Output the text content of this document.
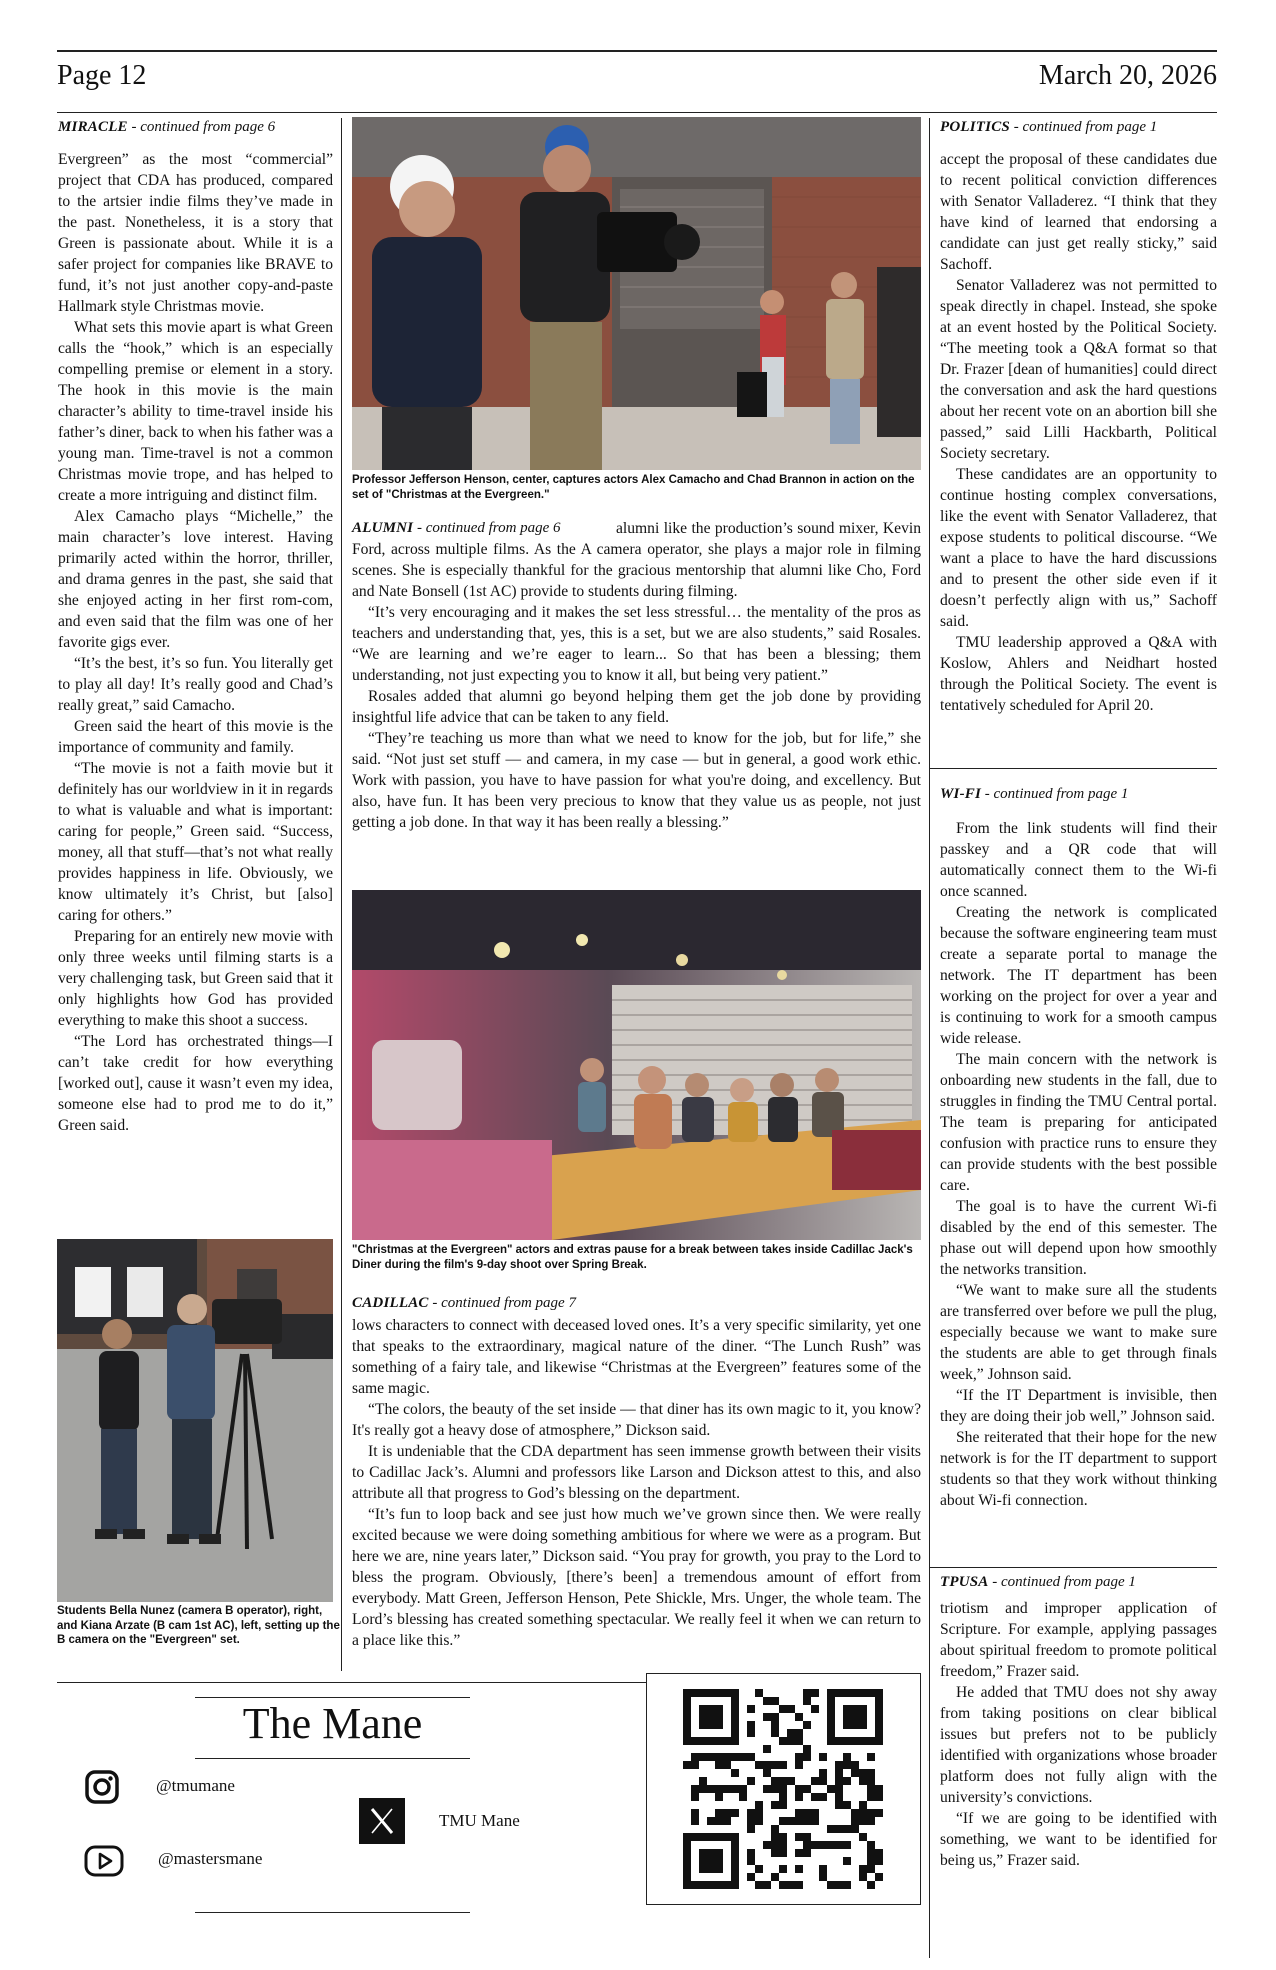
Page 12	March 20, 2026
MIRACLE - continued from page 6

Evergreen” as the most “commercial” project that CDA has produced, compared to the artsier indie films they’ve made in the past. Nonetheless, it is a story that Green is passionate about. While it is a safer project for companies like BRAVE to fund, it’s not just another copy-and-paste Hallmark style Christmas movie.

What sets this movie apart is what Green calls the “hook,” which is an especially compelling premise or element in a story. The hook in this movie is the main character’s ability to time-travel inside his father’s diner, back to when his father was a young man. Time-travel is not a common Christmas movie trope, and has helped to create a more intriguing and distinct film.

Alex Camacho plays “Michelle,” the main character’s love interest. Having primarily acted within the horror, thriller, and drama genres in the past, she said that she enjoyed acting in her first rom-com, and even said that the film was one of her favorite gigs ever.

“It’s the best, it’s so fun. You literally get to play all day! It’s really good and Chad’s really great,” said Camacho.

Green said the heart of this movie is the importance of community and family.

“The movie is not a faith movie but it definitely has our worldview in it in regards to what is valuable and what is important: caring for people,” Green said. “Success, money, all that stuff—that’s not what really provides happiness in life. Obviously, we know ultimately it’s Christ, but [also] caring for others.”

Preparing for an entirely new movie with only three weeks until filming starts is a very challenging task, but Green said that it only highlights how God has provided everything to make this shoot a success.

“The Lord has orchestrated things—I can’t take credit for how everything [worked out], cause it wasn’t even my idea, someone else had to prod me to do it,” Green said.

Students Bella Nunez (camera B operator), right, and Kiana Arzate (B cam 1st AC), left, setting up the B camera on the "Evergreen" set.
Professor Jefferson Henson, center, captures actors Alex Camacho and Chad Brannon in action on the set of "Christmas at the Evergreen."
ALUMNI - continued from page 6	alumni like the production’s sound mixer, Kevin Ford, across multiple films. As the A camera operator, she plays a major role in filming scenes. She is especially thankful for the gracious mentorship that alumni like Cho, Ford and Nate Bonsell (1st AC) provide to students during filming.

“It’s very encouraging and it makes the set less stressful… the mentality of the pros as teachers and understanding that, yes, this is a set, but we are also students,” said Rosales. “We are learning and we’re eager to learn... So that has been a blessing; them understanding, not just expecting you to know it all, but being very patient.”

Rosales added that alumni go beyond helping them get the job done by providing insightful life advice that can be taken to any field.

“They’re teaching us more than what we need to know for the job, but for life,” she said. “Not just set stuff — and camera, in my case — but in general, a good work ethic. Work with passion, you have to have passion for what you're doing, and excellency. But also, have fun. It has been very precious to know that they value us as people, not just getting a job done. In that way it has been really a blessing.”

"Christmas at the Evergreen" actors and extras pause for a break between takes inside Cadillac Jack's Diner during the film's 9-day shoot over Spring Break.
CADILLAC - continued from page 7

lows characters to connect with deceased loved ones. It’s a very specific similarity, yet one that speaks to the extraordinary, magical nature of the diner. “The Lunch Rush” was something of a fairy tale, and likewise “Christmas at the Evergreen” features some of the same magic.

“The colors, the beauty of the set inside — that diner has its own magic to it, you know? It's really got a heavy dose of atmosphere,” Dickson said.

It is undeniable that the CDA department has seen immense growth between their visits to Cadillac Jack’s. Alumni and professors like Larson and Dickson attest to this, and also attribute all that progress to God’s blessing on the department.

“It’s fun to loop back and see just how much we’ve grown since then. We were really excited because we were doing something ambitious for where we were as a program. But here we are, nine years later,” Dickson said. “You pray for growth, you pray to the Lord to bless the program. Obviously, [there’s been] a tremendous amount of effort from everybody. Matt Green, Jefferson Henson, Pete Shickle, Mrs. Unger, the whole team. The Lord’s blessing has created something spectacular. We really feel it when we can return to a place like this.”

POLITICS - continued from page 1

accept the proposal of these candidates due to recent political conviction differences with Senator Valladerez. “I think that they have kind of learned that endorsing a candidate can just get really sticky,” said Sachoff.

Senator Valladerez was not permitted to speak directly in chapel. Instead, she spoke at an event hosted by the Political Society. “The meeting took a Q&A format so that Dr. Frazer [dean of humanities] could direct the conversation and ask the hard questions about her recent vote on an abortion bill she passed,” said Lilli Hackbarth, Political Society secretary.

These candidates are an opportunity to continue hosting complex conversations, like the event with Senator Valladerez, that expose students to political discourse. “We want a place to have the hard discussions and to present the other side even if it doesn’t perfectly align with us,” Sachoff said.

TMU leadership approved a Q&A with Koslow, Ahlers and Neidhart hosted through the Political Society. The event is tentatively scheduled for April 20.

WI-FI - continued from page 1

From the link students will find their passkey and a QR code that will automatically connect them to the Wi-fi once scanned.

Creating the network is complicated because the software engineering team must create a separate portal to manage the network. The IT department has been working on the project for over a year and is continuing to work for a smooth campus wide release.

The main concern with the network is onboarding new students in the fall, due to struggles in finding the TMU Central portal. The team is preparing for anticipated confusion with practice runs to ensure they can provide students with the best possible care.

The goal is to have the current Wi-fi disabled by the end of this semester. The phase out will depend upon how smoothly the networks transition.

“We want to make sure all the students are transferred over before we pull the plug, especially because we want to make sure the students are able to get through finals week,” Johnson said.

“If the IT Department is invisible, then they are doing their job well,” Johnson said.

She reiterated that their hope for the new network is for the IT department to support students so that they work without thinking about Wi-fi connection.

TPUSA - continued from page 1

triotism and improper application of Scripture. For example, applying passages about spiritual freedom to promote political freedom,” Frazer said.

He added that TMU does not shy away from taking positions on clear biblical issues but prefers not to be publicly identified with organizations whose broader platform does not fully align with the university’s convictions.

“If we are going to be identified with something, we want to be identified for being us,” Frazer said.

The Mane
@tmumane
@mastersmane
TMU Mane
